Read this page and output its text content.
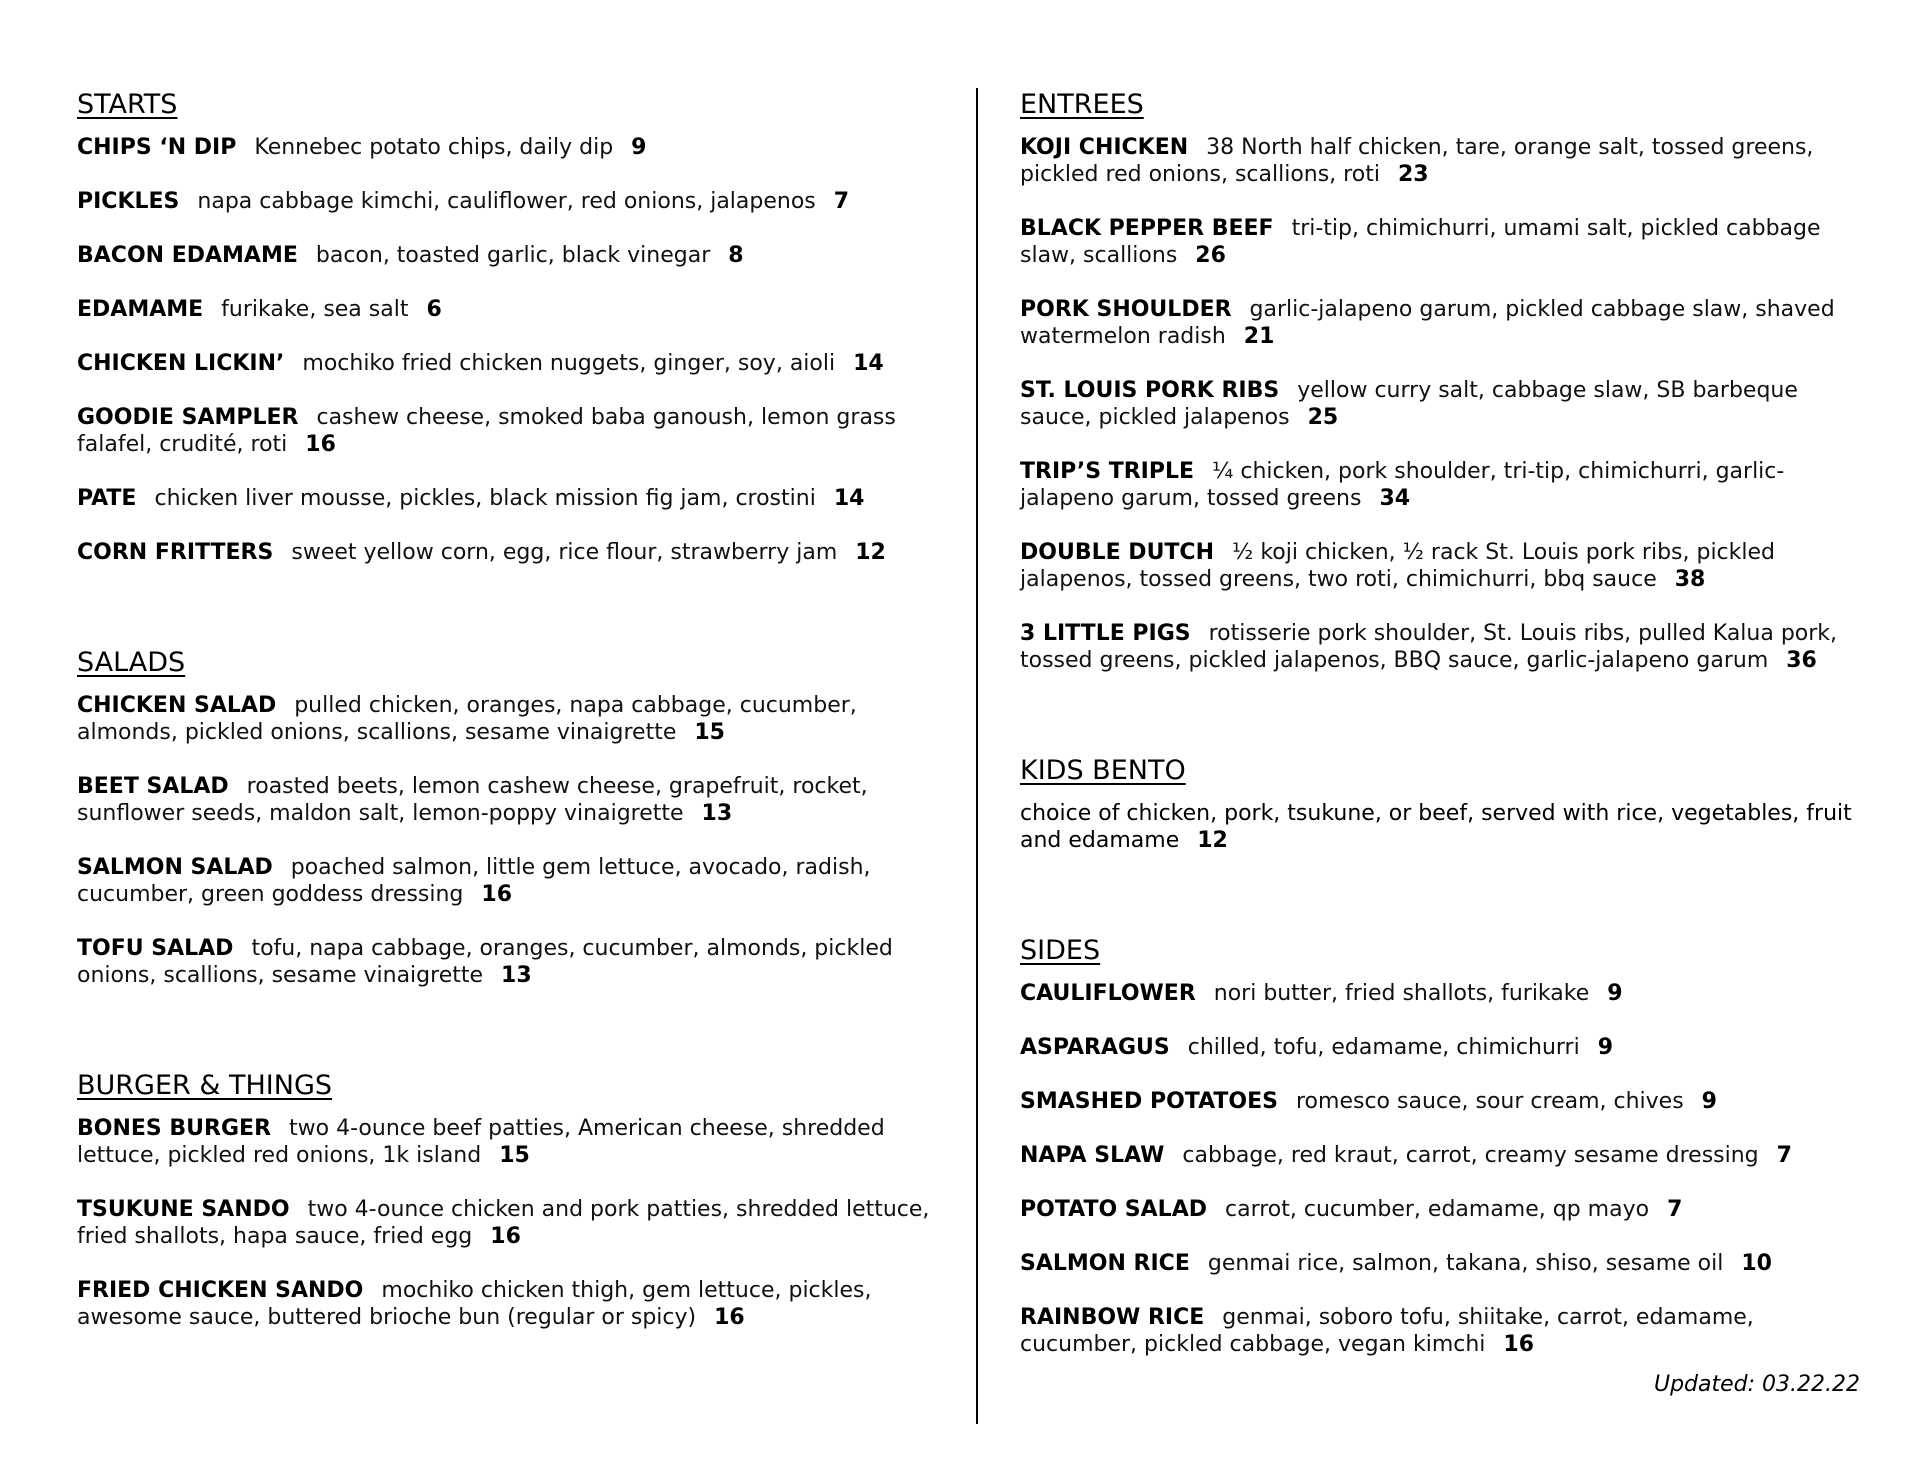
STARTS
CHIPS ‘N DIP Kennebec potato chips, daily dip 9
PICKLES napa cabbage kimchi, cauliflower, red onions, jalapenos 7
BACON EDAMAME bacon, toasted garlic, black vinegar 8
EDAMAME furikake, sea salt 6
CHICKEN LICKIN’ mochiko fried chicken nuggets, ginger, soy, aioli 14
GOODIE SAMPLER cashew cheese, smoked baba ganoush, lemon grass falafel, crudité, roti 16
PATE chicken liver mousse, pickles, black mission fig jam, crostini 14
CORN FRITTERS sweet yellow corn, egg, rice flour, strawberry jam 12
SALADS
CHICKEN SALAD pulled chicken, oranges, napa cabbage, cucumber, almonds, pickled onions, scallions, sesame vinaigrette 15
BEET SALAD roasted beets, lemon cashew cheese, grapefruit, rocket, sunflower seeds, maldon salt, lemon-poppy vinaigrette 13
SALMON SALAD poached salmon, little gem lettuce, avocado, radish, cucumber, green goddess dressing 16
TOFU SALAD tofu, napa cabbage, oranges, cucumber, almonds, pickled onions, scallions, sesame vinaigrette 13
BURGER & THINGS
BONES BURGER two 4-ounce beef patties, American cheese, shredded lettuce, pickled red onions, 1k island 15
TSUKUNE SANDO two 4-ounce chicken and pork patties, shredded lettuce, fried shallots, hapa sauce, fried egg 16
FRIED CHICKEN SANDO mochiko chicken thigh, gem lettuce, pickles, awesome sauce, buttered brioche bun (regular or spicy) 16
ENTREES
KOJI CHICKEN 38 North half chicken, tare, orange salt, tossed greens, pickled red onions, scallions, roti 23
BLACK PEPPER BEEF tri-tip, chimichurri, umami salt, pickled cabbage slaw, scallions 26
PORK SHOULDER garlic-jalapeno garum, pickled cabbage slaw, shaved watermelon radish 21
ST. LOUIS PORK RIBS yellow curry salt, cabbage slaw, SB barbeque sauce, pickled jalapenos 25
TRIP’S TRIPLE ¼ chicken, pork shoulder, tri-tip, chimichurri, garlic-jalapeno garum, tossed greens 34
DOUBLE DUTCH ½ koji chicken, ½ rack St. Louis pork ribs, pickled jalapenos, tossed greens, two roti, chimichurri, bbq sauce 38
3 LITTLE PIGS rotisserie pork shoulder, St. Louis ribs, pulled Kalua pork, tossed greens, pickled jalapenos, BBQ sauce, garlic-jalapeno garum 36
KIDS BENTO
choice of chicken, pork, tsukune, or beef, served with rice, vegetables, fruit and edamame 12
SIDES
CAULIFLOWER nori butter, fried shallots, furikake 9
ASPARAGUS chilled, tofu, edamame, chimichurri 9
SMASHED POTATOES romesco sauce, sour cream, chives 9
NAPA SLAW cabbage, red kraut, carrot, creamy sesame dressing 7
POTATO SALAD carrot, cucumber, edamame, qp mayo 7
SALMON RICE genmai rice, salmon, takana, shiso, sesame oil 10
RAINBOW RICE genmai, soboro tofu, shiitake, carrot, edamame, cucumber, pickled cabbage, vegan kimchi 16
Updated: 03.22.22
